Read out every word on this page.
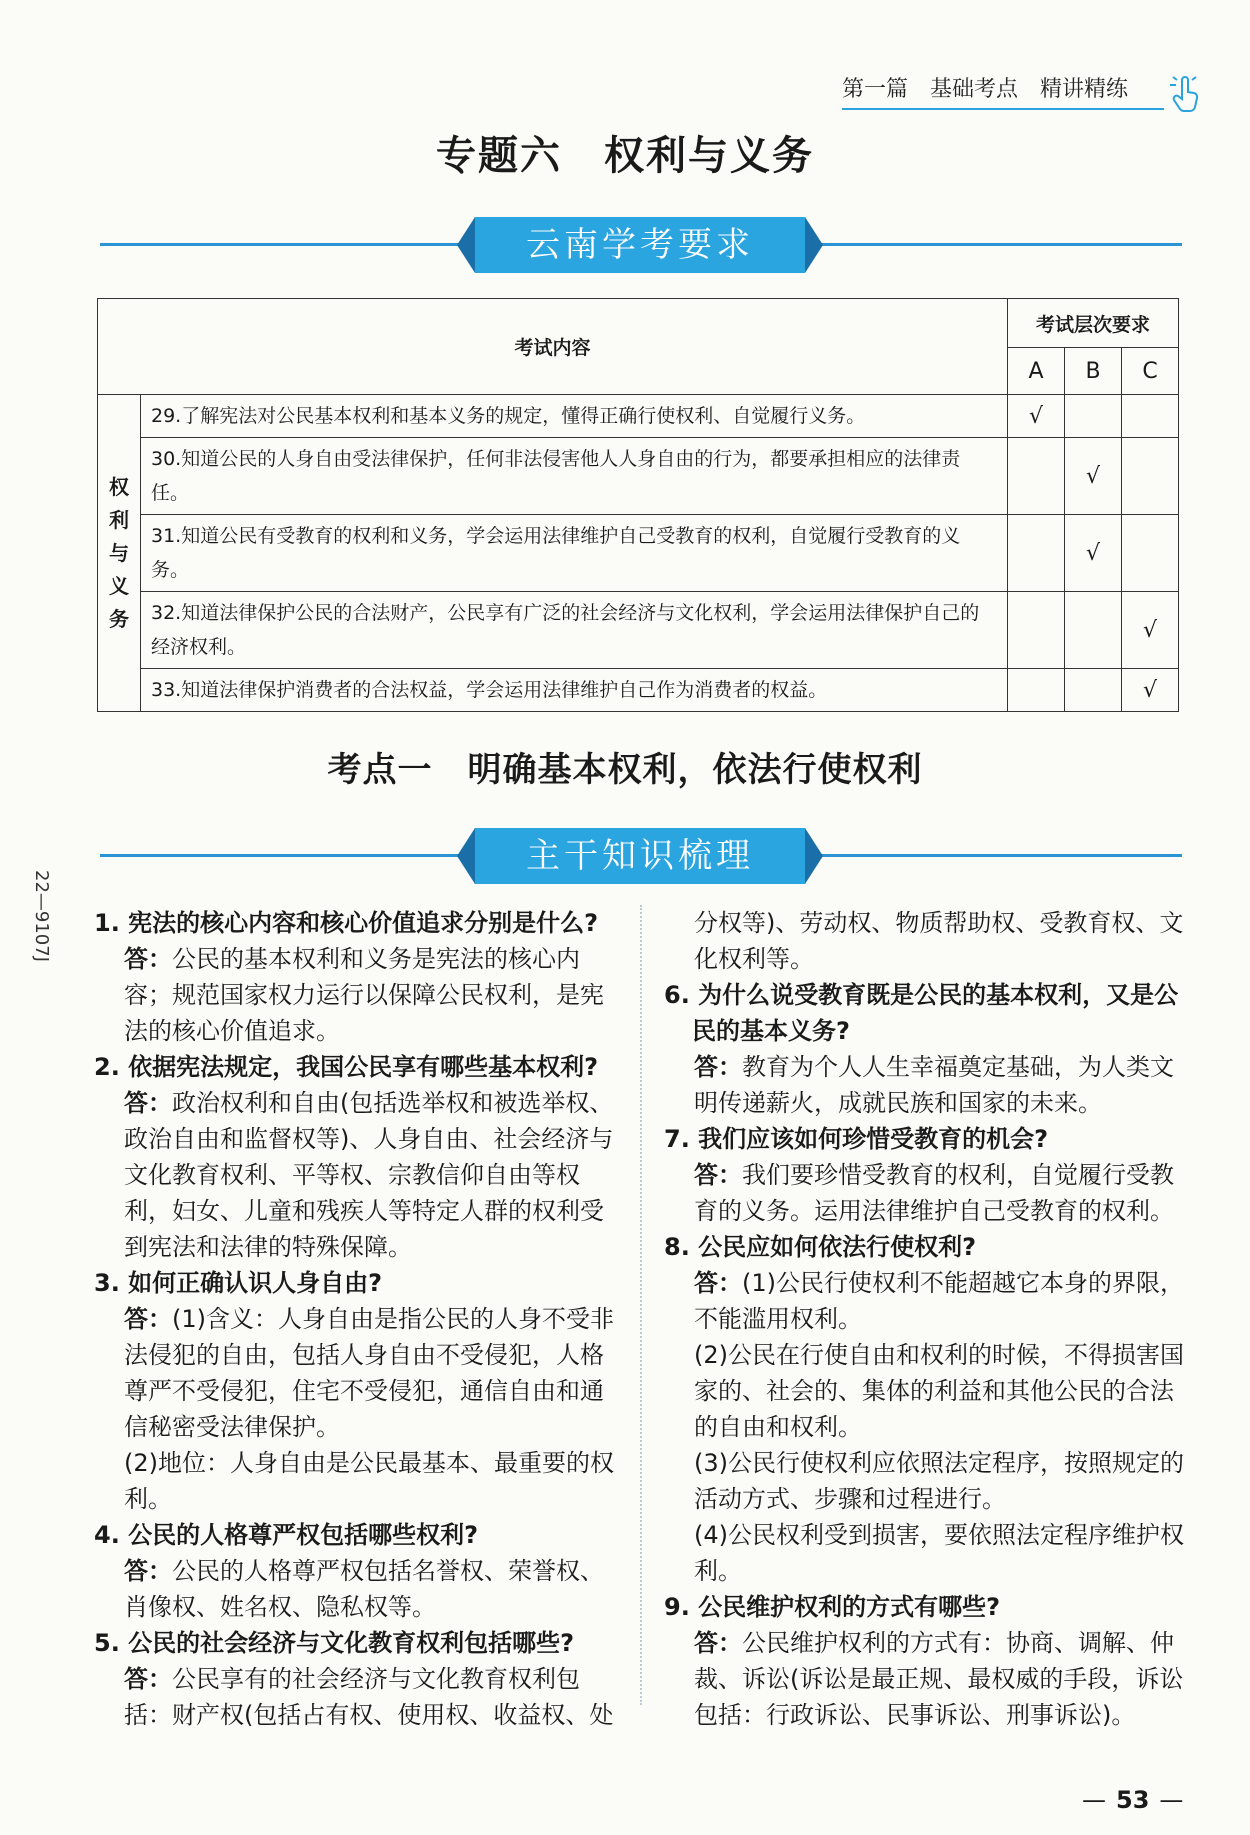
第一篇 基础考点 精讲精练
专题六　权利与义务
云南学考要求
考试内容		考试层次要求		
		A	B	C
权利与义务	29.了解宪法对公民基本权利和基本义务的规定，懂得正确行使权利、自觉履行义务。	√		
	30.知道公民的人身自由受法律保护，任何非法侵害他人人身自由的行为，都要承担相应的法律责任。		√	
	31.知道公民有受教育的权利和义务，学会运用法律维护自己受教育的权利，自觉履行受教育的义务。		√	
	32.知道法律保护公民的合法财产，公民享有广泛的社会经济与文化权利，学会运用法律保护自己的经济权利。			√
	33.知道法律保护消费者的合法权益，学会运用法律维护自己作为消费者的权益。			√
考点一　明确基本权利，依法行使权利
主干知识梳理
22—9107J 1. 宪法的核心内容和核心价值追求分别是什么?
答：公民的基本权利和义务是宪法的核心内容；规范国家权力运行以保障公民权利，是宪法的核心价值追求。
2. 依据宪法规定，我国公民享有哪些基本权利?
答：政治权利和自由(包括选举权和被选举权、政治自由和监督权等)、人身自由、社会经济与文化教育权利、平等权、宗教信仰自由等权利，妇女、儿童和残疾人等特定人群的权利受到宪法和法律的特殊保障。
3. 如何正确认识人身自由?
答：(1)含义：人身自由是指公民的人身不受非法侵犯的自由，包括人身自由不受侵犯，人格尊严不受侵犯，住宅不受侵犯，通信自由和通信秘密受法律保护。
(2)地位：人身自由是公民最基本、最重要的权利。
4. 公民的人格尊严权包括哪些权利?
答：公民的人格尊严权包括名誉权、荣誉权、肖像权、姓名权、隐私权等。
5. 公民的社会经济与文化教育权利包括哪些?
答：公民享有的社会经济与文化教育权利包括：财产权(包括占有权、使用权、收益权、处
分权等)、劳动权、物质帮助权、受教育权、文化权利等。
6. 为什么说受教育既是公民的基本权利，又是公民的基本义务?
答：教育为个人人生幸福奠定基础，为人类文明传递薪火，成就民族和国家的未来。
7. 我们应该如何珍惜受教育的机会?
答：我们要珍惜受教育的权利，自觉履行受教育的义务。运用法律维护自己受教育的权利。
8. 公民应如何依法行使权利?
答：(1)公民行使权利不能超越它本身的界限，不能滥用权利。
(2)公民在行使自由和权利的时候，不得损害国家的、社会的、集体的利益和其他公民的合法的自由和权利。
(3)公民行使权利应依照法定程序，按照规定的活动方式、步骤和过程进行。
(4)公民权利受到损害，要依照法定程序维护权利。
9. 公民维护权利的方式有哪些?
答：公民维护权利的方式有：协商、调解、仲裁、诉讼(诉讼是最正规、最权威的手段，诉讼包括：行政诉讼、民事诉讼、刑事诉讼)。
— 53 —
